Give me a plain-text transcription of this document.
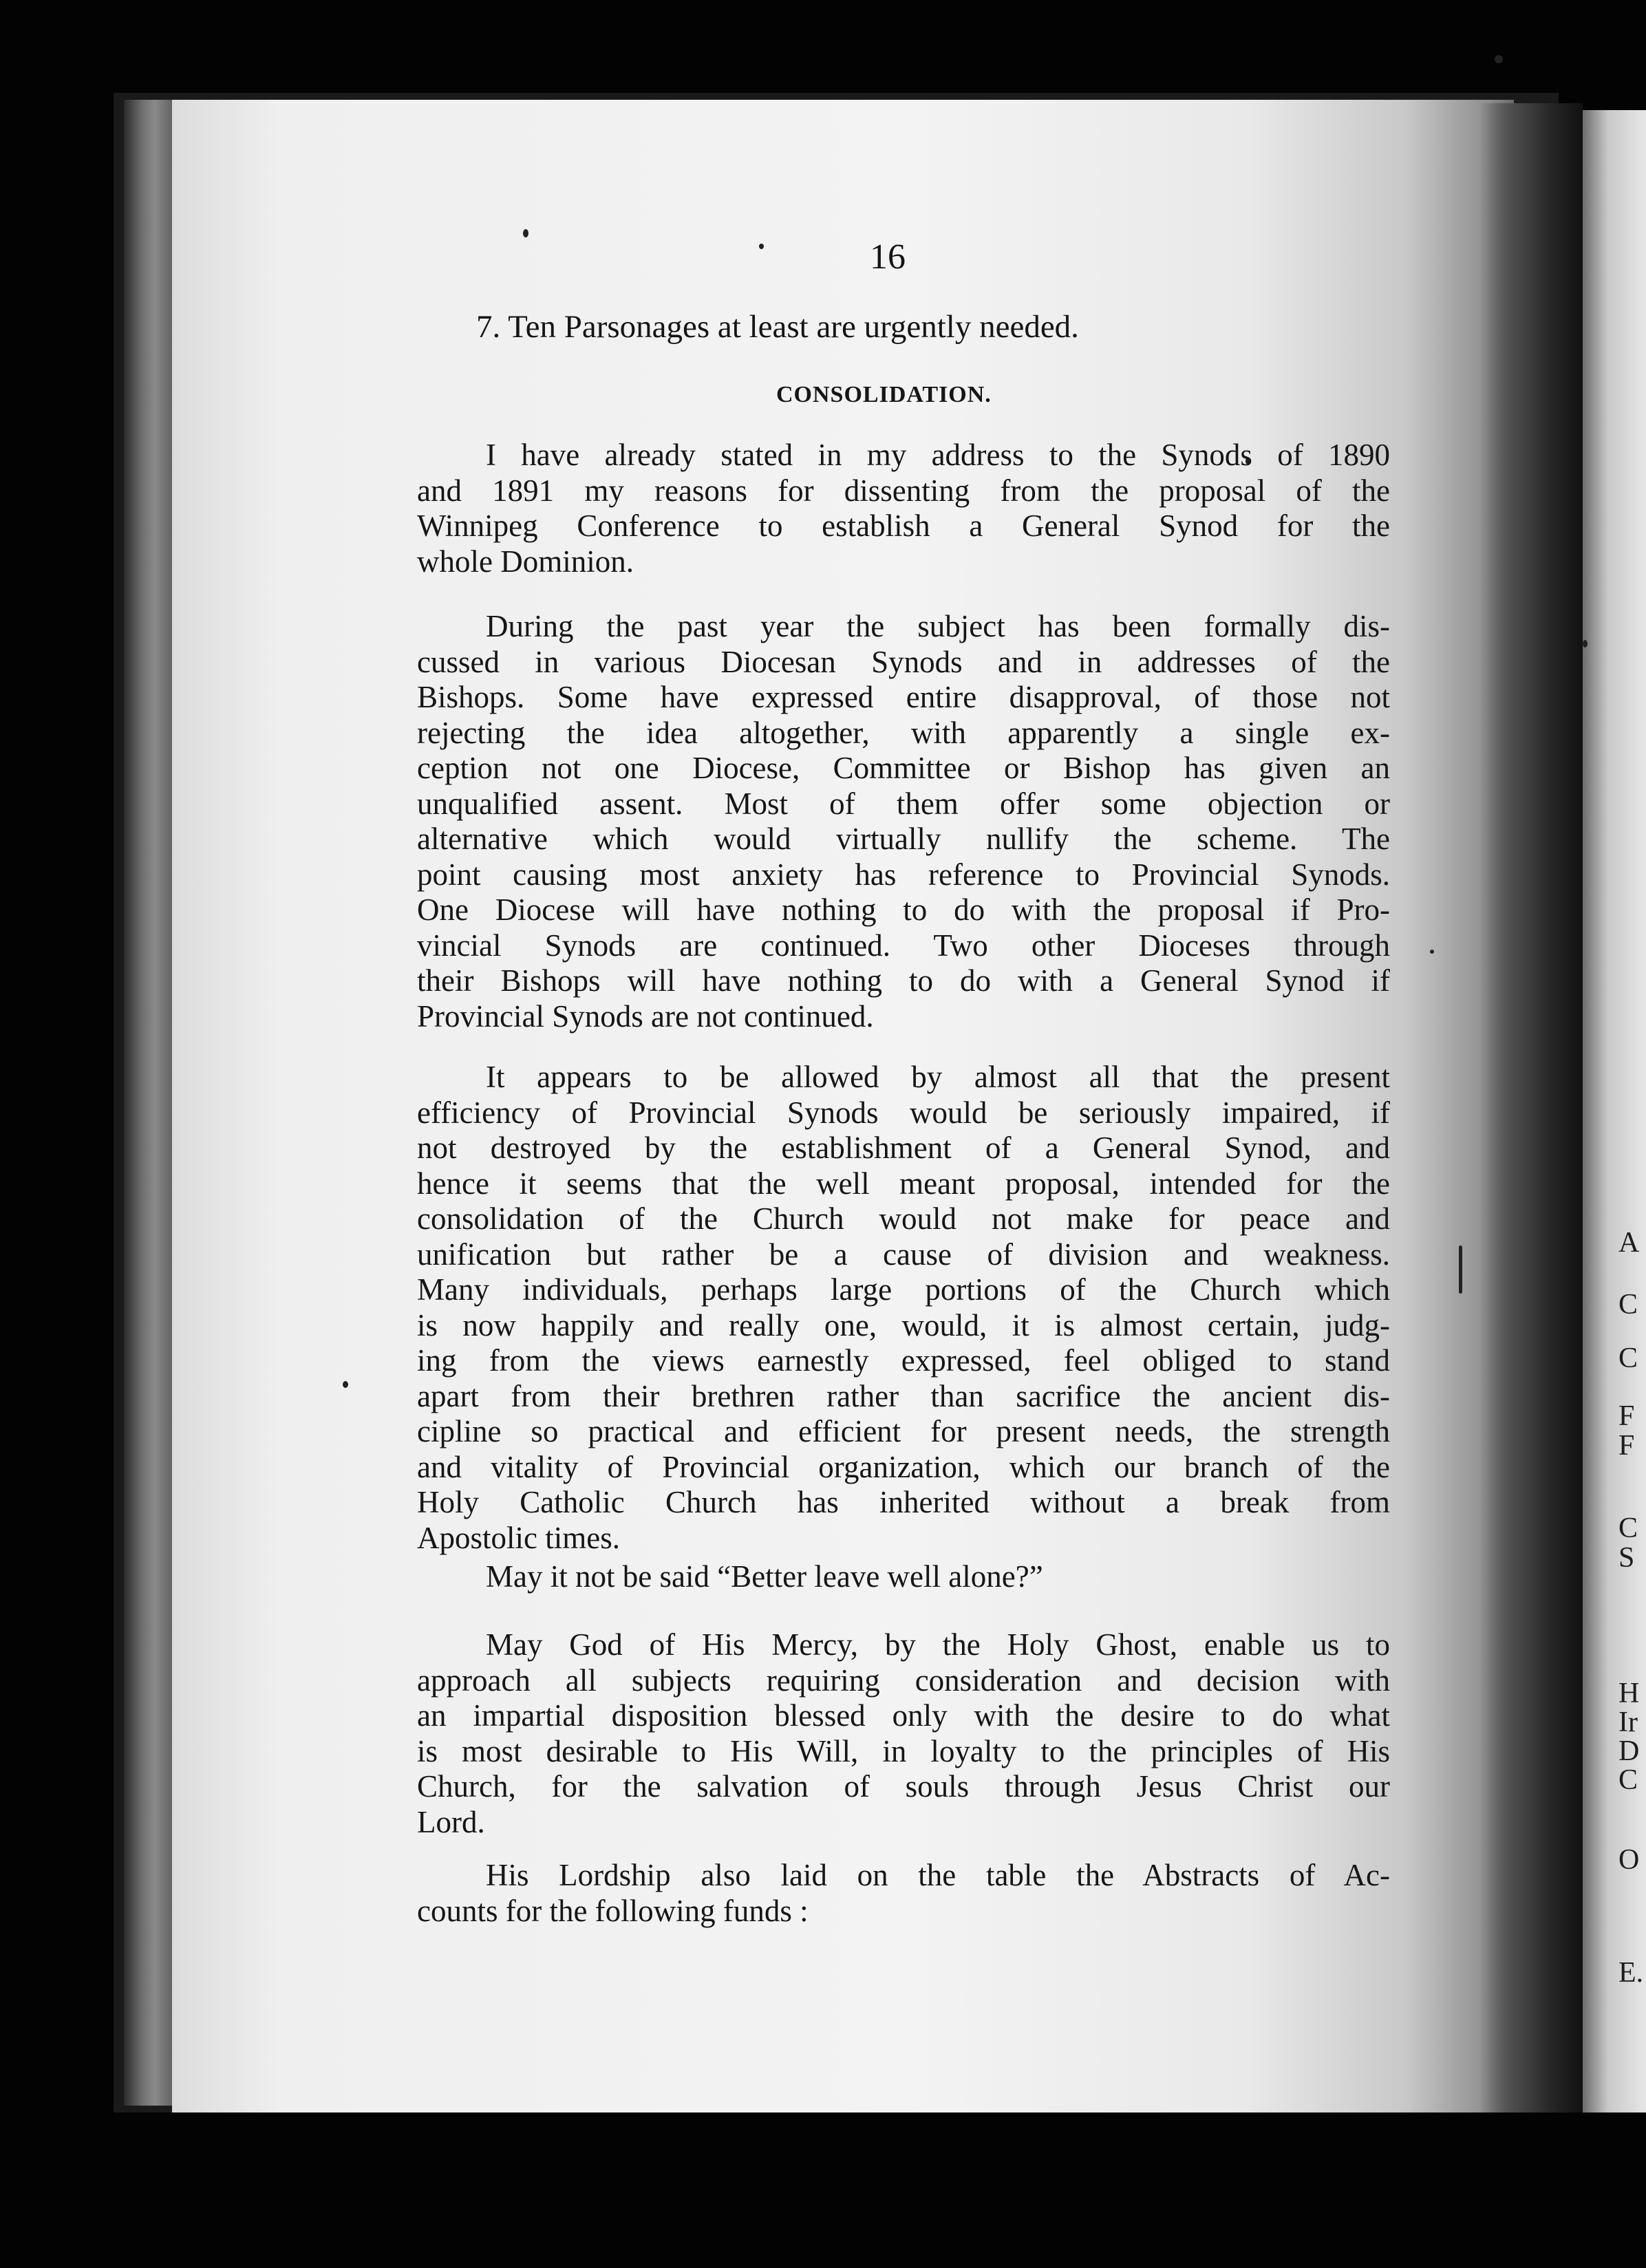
A
C
C
F
F
C
S
H
Ir
D
C
O
E.
16
7. Ten Parsonages at least are urgently needed.
CONSOLIDATION.
I have already stated in my address to the Synods of 1890
and 1891 my reasons for dissenting from the proposal of the
Winnipeg Conference to establish a General Synod for the
whole Dominion.
During the past year the subject has been formally dis-
cussed in various Diocesan Synods and in addresses of the
Bishops. Some have expressed entire disapproval, of those not
rejecting the idea altogether, with apparently a single ex-
ception not one Diocese, Committee or Bishop has given an
unqualified assent. Most of them offer some objection or
alternative which would virtually nullify the scheme. The
point causing most anxiety has reference to Provincial Synods.
One Diocese will have nothing to do with the proposal if Pro-
vincial Synods are continued. Two other Dioceses through
their Bishops will have nothing to do with a General Synod if
Provincial Synods are not continued.
It appears to be allowed by almost all that the present
efficiency of Provincial Synods would be seriously impaired, if
not destroyed by the establishment of a General Synod, and
hence it seems that the well meant proposal, intended for the
consolidation of the Church would not make for peace and
unification but rather be a cause of division and weakness.
Many individuals, perhaps large portions of the Church which
is now happily and really one, would, it is almost certain, judg-
ing from the views earnestly expressed, feel obliged to stand
apart from their brethren rather than sacrifice the ancient dis-
cipline so practical and efficient for present needs, the strength
and vitality of Provincial organization, which our branch of the
Holy Catholic Church has inherited without a break from
Apostolic times.
May it not be said “Better leave well alone?”
May God of His Mercy, by the Holy Ghost, enable us to
approach all subjects requiring consideration and decision with
an impartial disposition blessed only with the desire to do what
is most desirable to His Will, in loyalty to the principles of His
Church, for the salvation of souls through Jesus Christ our
Lord.
His Lordship also laid on the table the Abstracts of Ac-
counts for the following funds :
